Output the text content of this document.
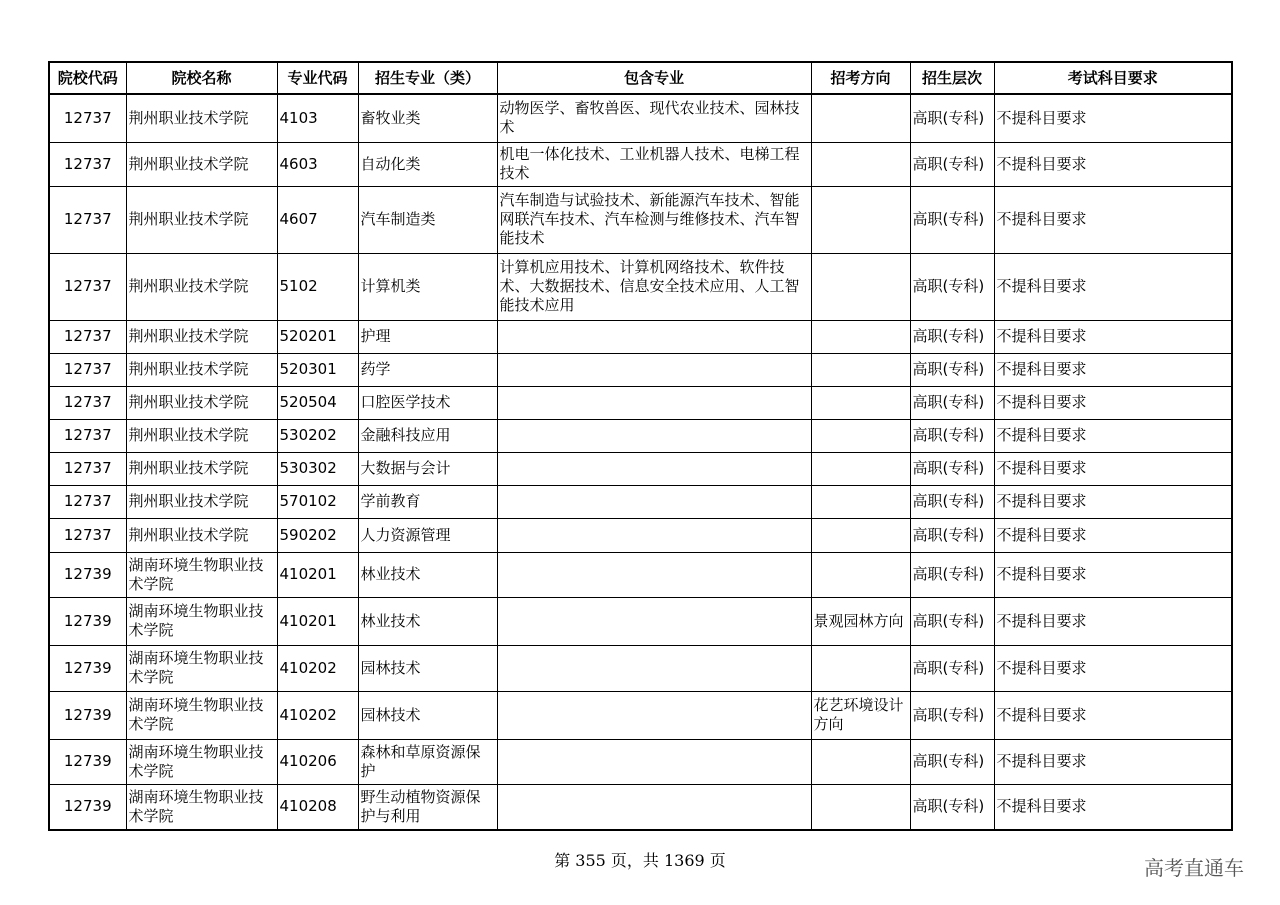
院校代码	院校名称	专业代码	招生专业（类）	包含专业	招考方向	招生层次	考试科目要求
12737	荆州职业技术学院	4103	畜牧业类	动物医学、畜牧兽医、现代农业技术、园林技术		高职(专科)	不提科目要求
12737	荆州职业技术学院	4603	自动化类	机电一体化技术、工业机器人技术、电梯工程技术		高职(专科)	不提科目要求
12737	荆州职业技术学院	4607	汽车制造类	汽车制造与试验技术、新能源汽车技术、智能网联汽车技术、汽车检测与维修技术、汽车智能技术		高职(专科)	不提科目要求
12737	荆州职业技术学院	5102	计算机类	计算机应用技术、计算机网络技术、软件技术、大数据技术、信息安全技术应用、人工智能技术应用		高职(专科)	不提科目要求
12737	荆州职业技术学院	520201	护理			高职(专科)	不提科目要求
12737	荆州职业技术学院	520301	药学			高职(专科)	不提科目要求
12737	荆州职业技术学院	520504	口腔医学技术			高职(专科)	不提科目要求
12737	荆州职业技术学院	530202	金融科技应用			高职(专科)	不提科目要求
12737	荆州职业技术学院	530302	大数据与会计			高职(专科)	不提科目要求
12737	荆州职业技术学院	570102	学前教育			高职(专科)	不提科目要求
12737	荆州职业技术学院	590202	人力资源管理			高职(专科)	不提科目要求
12739	湖南环境生物职业技术学院	410201	林业技术			高职(专科)	不提科目要求
12739	湖南环境生物职业技术学院	410201	林业技术		景观园林方向	高职(专科)	不提科目要求
12739	湖南环境生物职业技术学院	410202	园林技术			高职(专科)	不提科目要求
12739	湖南环境生物职业技术学院	410202	园林技术		花艺环境设计方向	高职(专科)	不提科目要求
12739	湖南环境生物职业技术学院	410206	森林和草原资源保护			高职(专科)	不提科目要求
12739	湖南环境生物职业技术学院	410208	野生动植物资源保护与利用			高职(专科)	不提科目要求
第 355 页，共 1369 页	高考直通车
